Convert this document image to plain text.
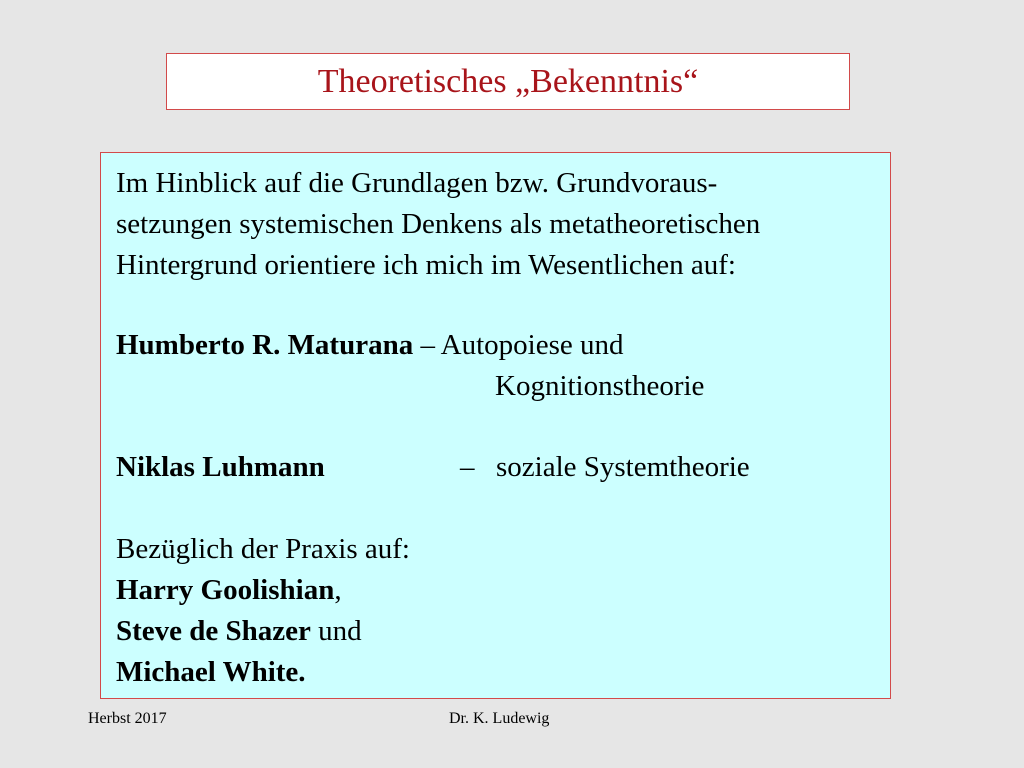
Theoretisches „Bekenntnis“
Im Hinblick auf die Grundlagen bzw. Grundvoraus-
setzungen systemischen Denkens als metatheoretischen
Hintergrund orientiere ich mich im Wesentlichen auf:
Humberto R. Maturana – Autopoiese und
Kognitionstheorie
Niklas Luhmann	– soziale Systemtheorie
Bezüglich der Praxis auf:
Harry Goolishian,
Steve de Shazer und
Michael White.
Herbst 2017	Dr. K. Ludewig
